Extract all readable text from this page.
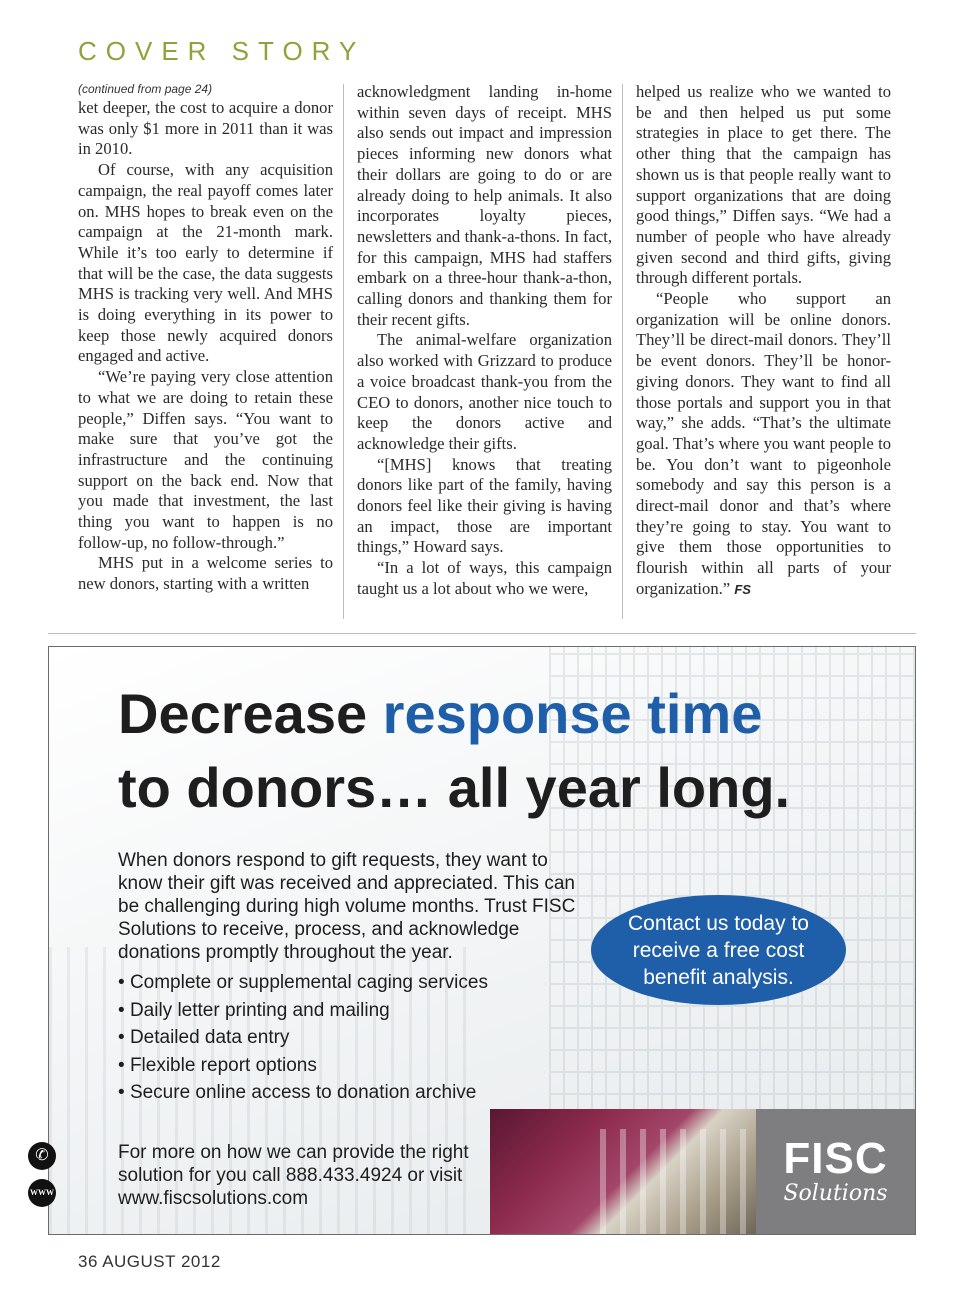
COVER STORY
(continued from page 24)

ket deeper, the cost to acquire a donor was only $1 more in 2011 than it was in 2010.

Of course, with any acquisition campaign, the real payoff comes later on. MHS hopes to break even on the campaign at the 21-month mark. While it’s too early to determine if that will be the case, the data suggests MHS is tracking very well. And MHS is doing everything in its power to keep those newly acquired donors engaged and active.

“We’re paying very close attention to what we are doing to retain these people,” Diffen says. “You want to make sure that you’ve got the infrastructure and the continuing support on the back end. Now that you made that investment, the last thing you want to happen is no follow-up, no follow-through.”

MHS put in a welcome series to new donors, starting with a written

acknowledgment landing in-home within seven days of receipt. MHS also sends out impact and impression pieces informing new donors what their dollars are going to do or are already doing to help animals. It also incorporates loyalty pieces, newsletters and thank-a-thons. In fact, for this campaign, MHS had staffers embark on a three-hour thank-a-thon, calling donors and thanking them for their recent gifts.

The animal-welfare organization also worked with Grizzard to produce a voice broadcast thank-you from the CEO to donors, another nice touch to keep the donors active and acknowledge their gifts.

“[MHS] knows that treating donors like part of the family, having donors feel like their giving is having an impact, those are important things,” Howard says.

“In a lot of ways, this campaign taught us a lot about who we were,

helped us realize who we wanted to be and then helped us put some strategies in place to get there. The other thing that the campaign has shown us is that people really want to support organizations that are doing good things,” Diffen says. “We had a number of people who have already given second and third gifts, giving through different portals.

“People who support an organization will be online donors. They’ll be direct-mail donors. They’ll be event donors. They’ll be honor-giving donors. They want to find all those portals and support you in that way,” she adds. “That’s the ultimate goal. That’s where you want people to be. You don’t want to pigeonhole somebody and say this person is a direct-mail donor and that’s where they’re going to stay. You want to give them those opportunities to flourish within all parts of your organization.” FS

Decrease response time
to donors… all year long.

When donors respond to gift requests, they want to know their gift was received and appreciated. This can be challenging during high volume months. Trust FISC Solutions to receive, process, and acknowledge donations promptly throughout the year.

• Complete or supplemental caging services
• Daily letter printing and mailing
• Detailed data entry
• Flexible report options
• Secure online access to donation archive
Contact us today to receive a free cost benefit analysis.

For more on how we can provide the right solution for you call 888.433.4924 or visit www.fiscsolutions.com

FISC
Solutions
✆
WWW
36 AUGUST 2012
